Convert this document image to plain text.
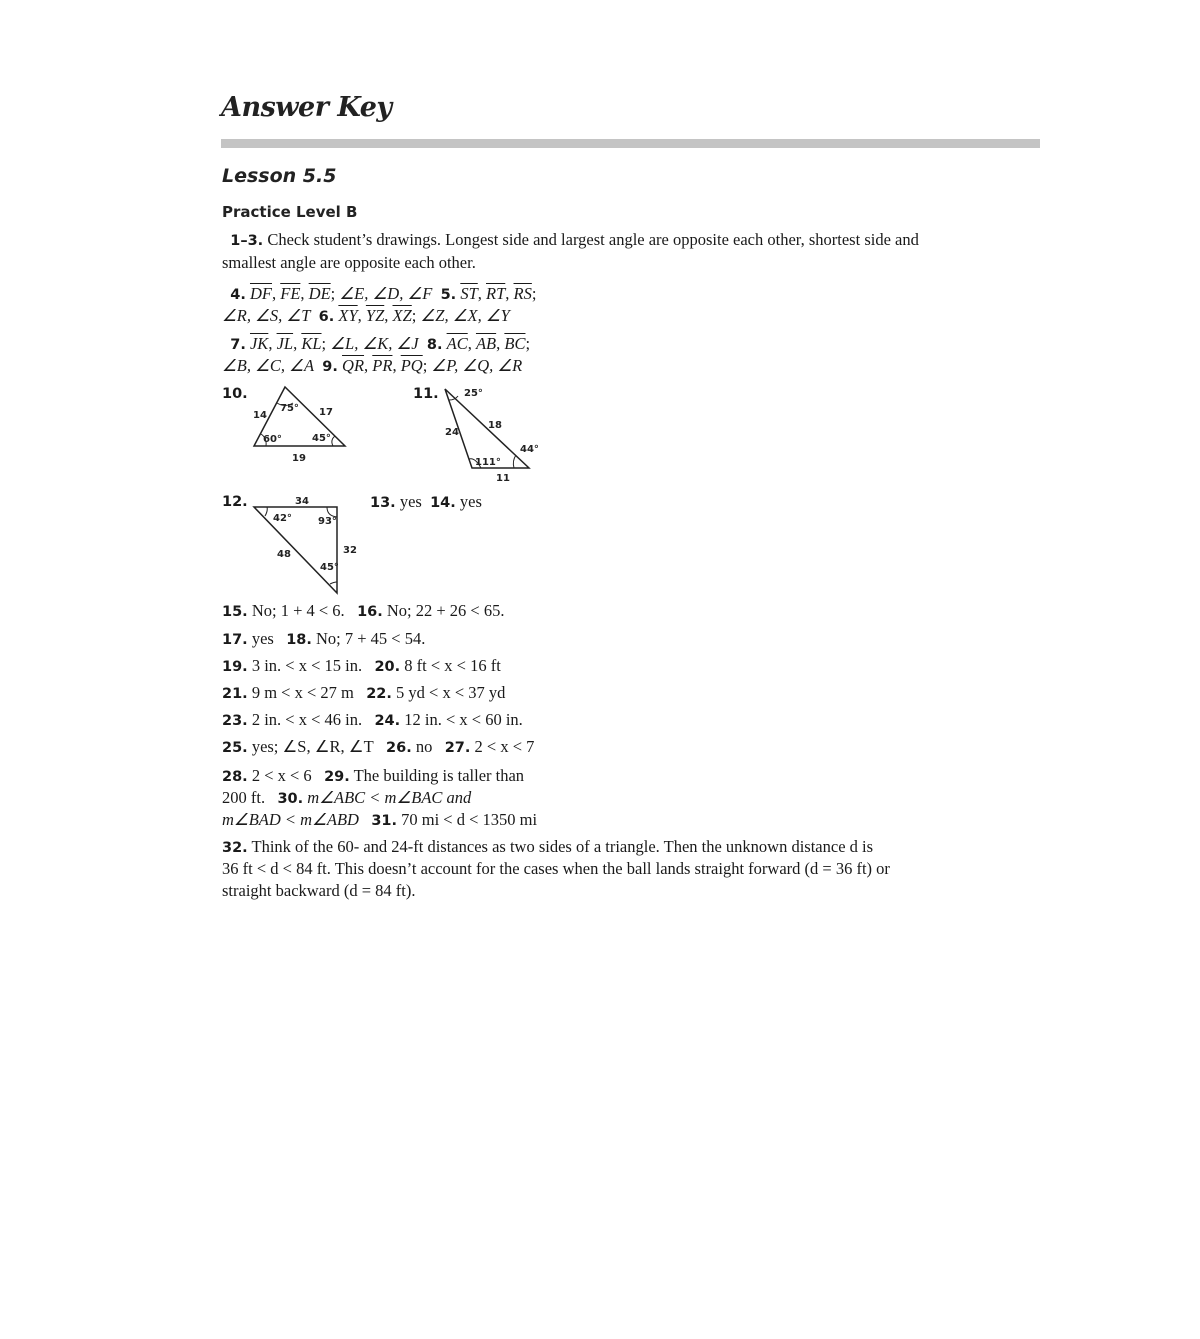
Answer Key
Lesson 5.5
Practice Level B
1–3. Check student’s drawings. Longest side and largest angle are opposite each other, shortest side and
smallest angle are opposite each other.
4. $\overline{DF}$, $\overline{FE}$, $\overline{DE}$; ∠E, ∠D, ∠F 5. $\overline{ST}$, $\overline{RT}$, $\overline{RS}$;
∠R, ∠S, ∠T 6. $\overline{XY}$, $\overline{YZ}$, $\overline{XZ}$; ∠Z, ∠X, ∠Y
7. $\overline{JK}$, $\overline{JL}$, $\overline{KL}$; ∠L, ∠K, ∠J 8. $\overline{AC}$, $\overline{AB}$, $\overline{BC}$;
∠B, ∠C, ∠A 9. $\overline{QR}$, $\overline{PR}$, $\overline{PQ}$; ∠P, ∠Q, ∠R
10.
14	17
19
75°
60°	45°
11.	25°
24
18
44°
111°
11
12.	34
42°	93°
48	32
45°
13. yes 14. yes
15. No; 1 + 4 < 6. 16. No; 22 + 26 < 65.
17. yes 18. No; 7 + 45 < 54.
19. 3 in. < x < 15 in. 20. 8 ft < x < 16 ft
21. 9 m < x < 27 m 22. 5 yd < x < 37 yd
23. 2 in. < x < 46 in. 24. 12 in. < x < 60 in.
25. yes; ∠S, ∠R, ∠T 26. no 27. 2 < x < 7
28. 2 < x < 6 29. The building is taller than
200 ft. 30. m∠ABC < m∠BAC and
m∠BAD < m∠ABD 31. 70 mi < d < 1350 mi
32. Think of the 60- and 24-ft distances as two sides of a triangle. Then the unknown distance d is
36 ft < d < 84 ft. This doesn’t account for the cases when the ball lands straight forward (d = 36 ft) or
straight backward (d = 84 ft).
